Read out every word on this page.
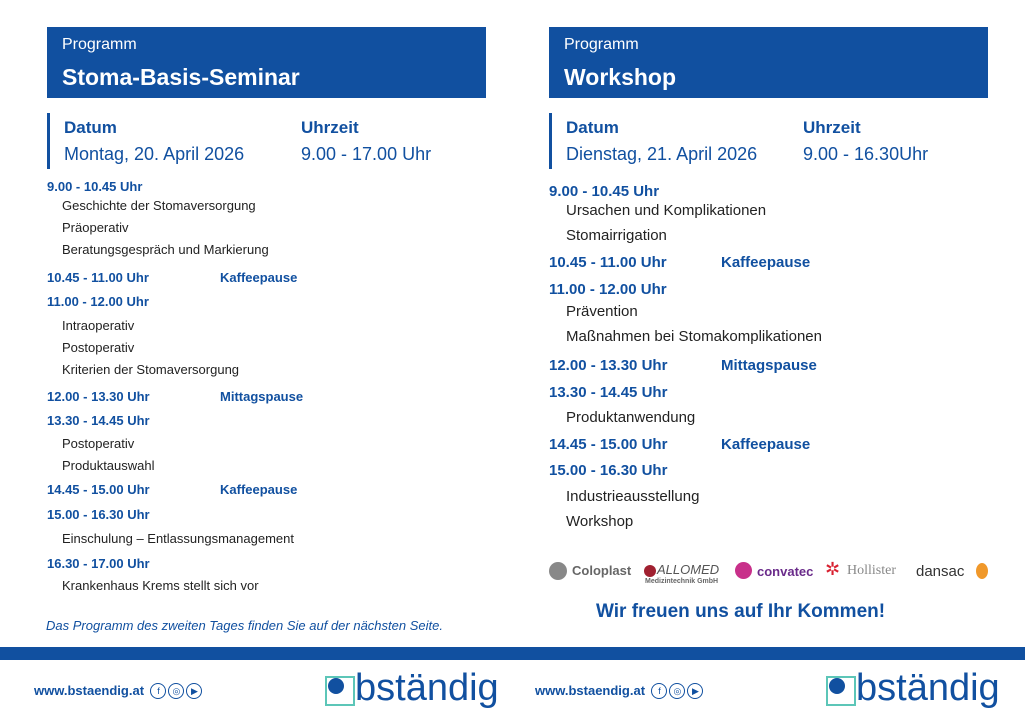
Programm
Stoma-Basis-Seminar
Programm
Workshop
Datum
Montag, 20. April 2026
Uhrzeit
9.00 - 17.00 Uhr
Datum
Dienstag, 21. April 2026
Uhrzeit
9.00 - 16.30Uhr
9.00 - 10.45 Uhr
Geschichte der Stomaversorgung
Präoperativ
Beratungsgespräch und Markierung
10.45 - 11.00 Uhr	Kaffeepause
11.00 - 12.00 Uhr
Intraoperativ
Postoperativ
Kriterien der Stomaversorgung
12.00 - 13.30 Uhr	Mittagspause
13.30 - 14.45 Uhr
Postoperativ
Produktauswahl
14.45 - 15.00 Uhr	Kaffeepause
15.00 - 16.30 Uhr
Einschulung – Entlassungsmanagement
16.30 - 17.00 Uhr
Krankenhaus Krems stellt sich vor
9.00 - 10.45 Uhr
Ursachen und Komplikationen
Stomairrigation
10.45 - 11.00 Uhr	Kaffeepause
11.00 - 12.00 Uhr
Prävention
Maßnahmen bei Stomakomplikationen
12.00 - 13.30 Uhr	Mittagspause
13.30 - 14.45 Uhr
Produktanwendung
14.45 - 15.00 Uhr	Kaffeepause
15.00 - 16.30 Uhr
Industrieausstellung
Workshop
Das Programm des zweiten Tages finden Sie auf der nächsten Seite.
Coloplast ALLOMED
Medizintechnik GmbH
convatec ✲ Hollister dansac
Wir freuen uns auf Ihr Kommen!
www.bstaendig.at f ◎ ▶	bständig	www.bstaendig.at f ◎ ▶	bständig
